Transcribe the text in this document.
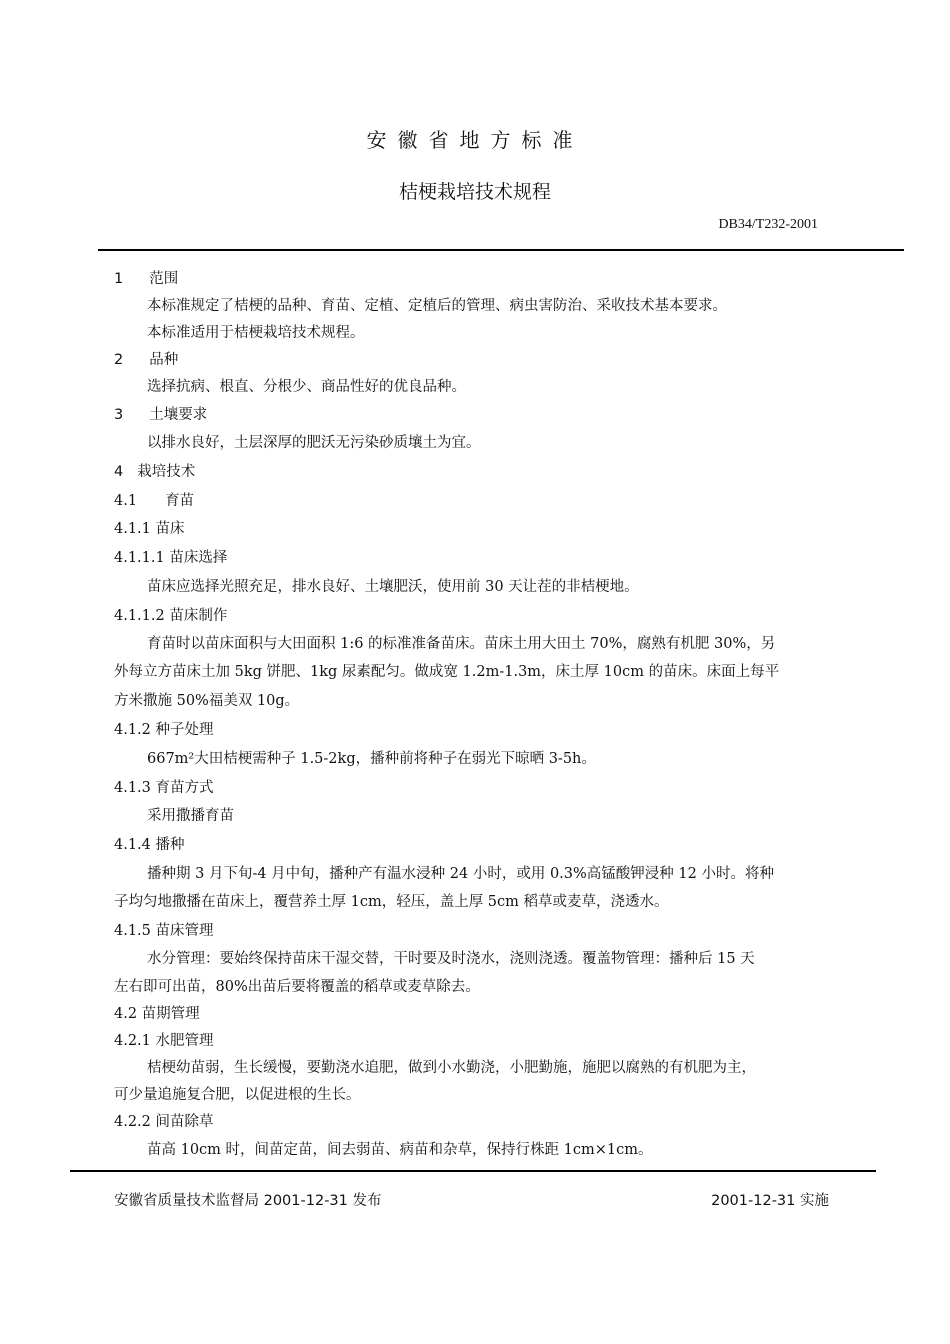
安徽省地方标准
桔梗栽培技术规程
DB34/T232-2001
1 范围
本标准规定了桔梗的品种、育苗、定植、定植后的管理、病虫害防治、采收技术基本要求。
本标准适用于桔梗栽培技术规程。
2 品种
选择抗病、根直、分根少、商品性好的优良品种。
3 土壤要求
以排水良好，土层深厚的肥沃无污染砂质壤土为宜。
4 栽培技术
4.1 育苗
4.1.1 苗床
4.1.1.1 苗床选择
苗床应选择光照充足，排水良好、土壤肥沃，使用前 30 天让茬的非桔梗地。
4.1.1.2 苗床制作
育苗时以苗床面积与大田面积 1:6 的标准准备苗床。苗床土用大田土 70%，腐熟有机肥 30%，另
外每立方苗床土加 5kg 饼肥、1kg 尿素配匀。做成宽 1.2m-1.3m，床土厚 10cm 的苗床。床面上每平
方米撒施 50%福美双 10g。
4.1.2 种子处理
667m²大田桔梗需种子 1.5-2kg，播种前将种子在弱光下晾晒 3-5h。
4.1.3 育苗方式
采用撒播育苗
4.1.4 播种
播种期 3 月下旬-4 月中旬，播种产有温水浸种 24 小时，或用 0.3%高锰酸钾浸种 12 小时。将种
子均匀地撒播在苗床上，覆营养土厚 1cm，轻压，盖上厚 5cm 稻草或麦草，浇透水。
4.1.5 苗床管理
水分管理：要始终保持苗床干湿交替，干时要及时浇水，浇则浇透。覆盖物管理：播种后 15 天
左右即可出苗，80%出苗后要将覆盖的稻草或麦草除去。
4.2 苗期管理
4.2.1 水肥管理
桔梗幼苗弱，生长缓慢，要勤浇水追肥，做到小水勤浇，小肥勤施，施肥以腐熟的有机肥为主，
可少量追施复合肥，以促进根的生长。
4.2.2 间苗除草
苗高 10cm 时，间苗定苗，间去弱苗、病苗和杂草，保持行株距 1cm×1cm。
安徽省质量技术监督局 2001-12-31 发布	2001-12-31 实施
